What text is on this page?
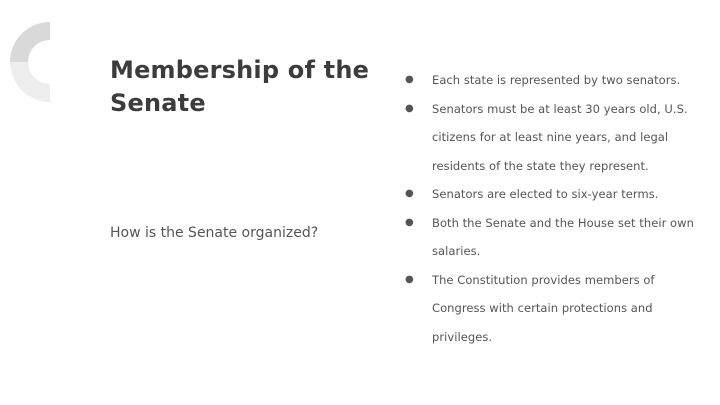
Membership of the Senate

How is the Senate organized?

● Each state is represented by two senators.
● Senators must be at least 30 years old, U.S. citizens for at least nine years, and legal residents of the state they represent.
● Senators are elected to six-year terms.
● Both the Senate and the House set their own salaries.
● The Constitution provides members of Congress with certain protections and privileges.
